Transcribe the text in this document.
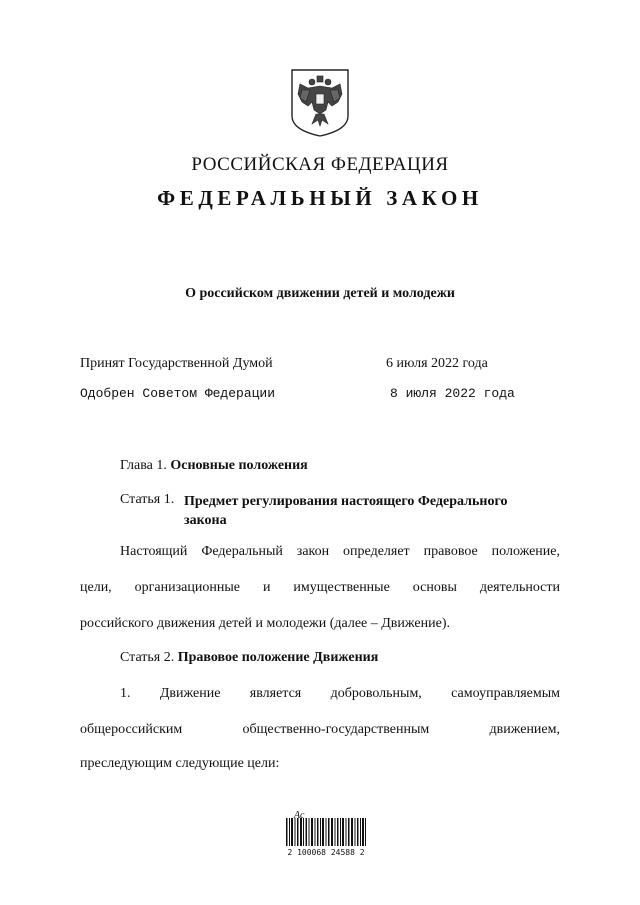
РОССИЙСКАЯ ФЕДЕРАЦИЯ
ФЕДЕРАЛЬНЫЙ ЗАКОН
О российском движении детей и молодежи
Принят Государственной Думой	6 июля 2022 года
Одобрен Советом Федерации	8 июля 2022 года
Глава 1. Основные положения
Статья 1. Предмет регулирования настоящего Федерального закона
Настоящий Федеральный закон определяет правовое положение,
цели, организационные и имущественные основы деятельности
российского движения детей и молодежи (далее – Движение).
Статья 2. Правовое положение Движения
1. Движение является добровольным, самоуправляемым
общероссийским общественно-государственным движением,
преследующим следующие цели:
Ас
2 100068 24588 2
